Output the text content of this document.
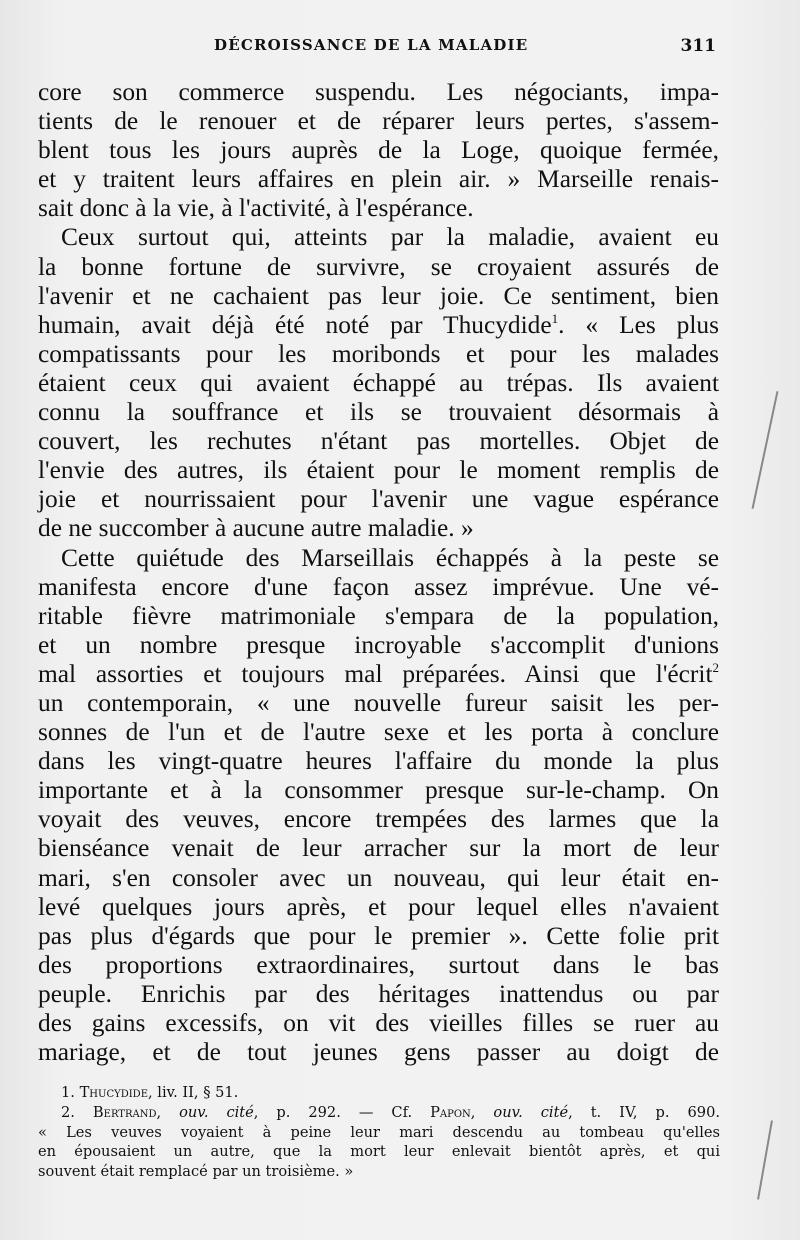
DÉCROISSANCE DE LA MALADIE	311
core son commerce suspendu. Les négociants, impa-
tients de le renouer et de réparer leurs pertes, s'assem-
blent tous les jours auprès de la Loge, quoique fermée,
et y traitent leurs affaires en plein air. » Marseille renais-
sait donc à la vie, à l'activité, à l'espérance.
Ceux surtout qui, atteints par la maladie, avaient eu
la bonne fortune de survivre, se croyaient assurés de
l'avenir et ne cachaient pas leur joie. Ce sentiment, bien
humain, avait déjà été noté par Thucydide$^1$. « Les plus
compatissants pour les moribonds et pour les malades
étaient ceux qui avaient échappé au trépas. Ils avaient
connu la souffrance et ils se trouvaient désormais à
couvert, les rechutes n'étant pas mortelles. Objet de
l'envie des autres, ils étaient pour le moment remplis de
joie et nourrissaient pour l'avenir une vague espérance
de ne succomber à aucune autre maladie. »
Cette quiétude des Marseillais échappés à la peste se
manifesta encore d'une façon assez imprévue. Une vé-
ritable fièvre matrimoniale s'empara de la population,
et un nombre presque incroyable s'accomplit d'unions
mal assorties et toujours mal préparées. Ainsi que l'écrit$^2$
un contemporain, « une nouvelle fureur saisit les per-
sonnes de l'un et de l'autre sexe et les porta à conclure
dans les vingt-quatre heures l'affaire du monde la plus
importante et à la consommer presque sur-le-champ. On
voyait des veuves, encore trempées des larmes que la
bienséance venait de leur arracher sur la mort de leur
mari, s'en consoler avec un nouveau, qui leur était en-
levé quelques jours après, et pour lequel elles n'avaient
pas plus d'égards que pour le premier ». Cette folie prit
des proportions extraordinaires, surtout dans le bas
peuple. Enrichis par des héritages inattendus ou par
des gains excessifs, on vit des vieilles filles se ruer au
mariage, et de tout jeunes gens passer au doigt de
1. Thucydide, liv. II, § 51.
2. Bertrand, ouv. cité, p. 292. — Cf. Papon, ouv. cité, t. IV, p. 690.
« Les veuves voyaient à peine leur mari descendu au tombeau qu'elles
en épousaient un autre, que la mort leur enlevait bientôt après, et qui
souvent était remplacé par un troisième. »
